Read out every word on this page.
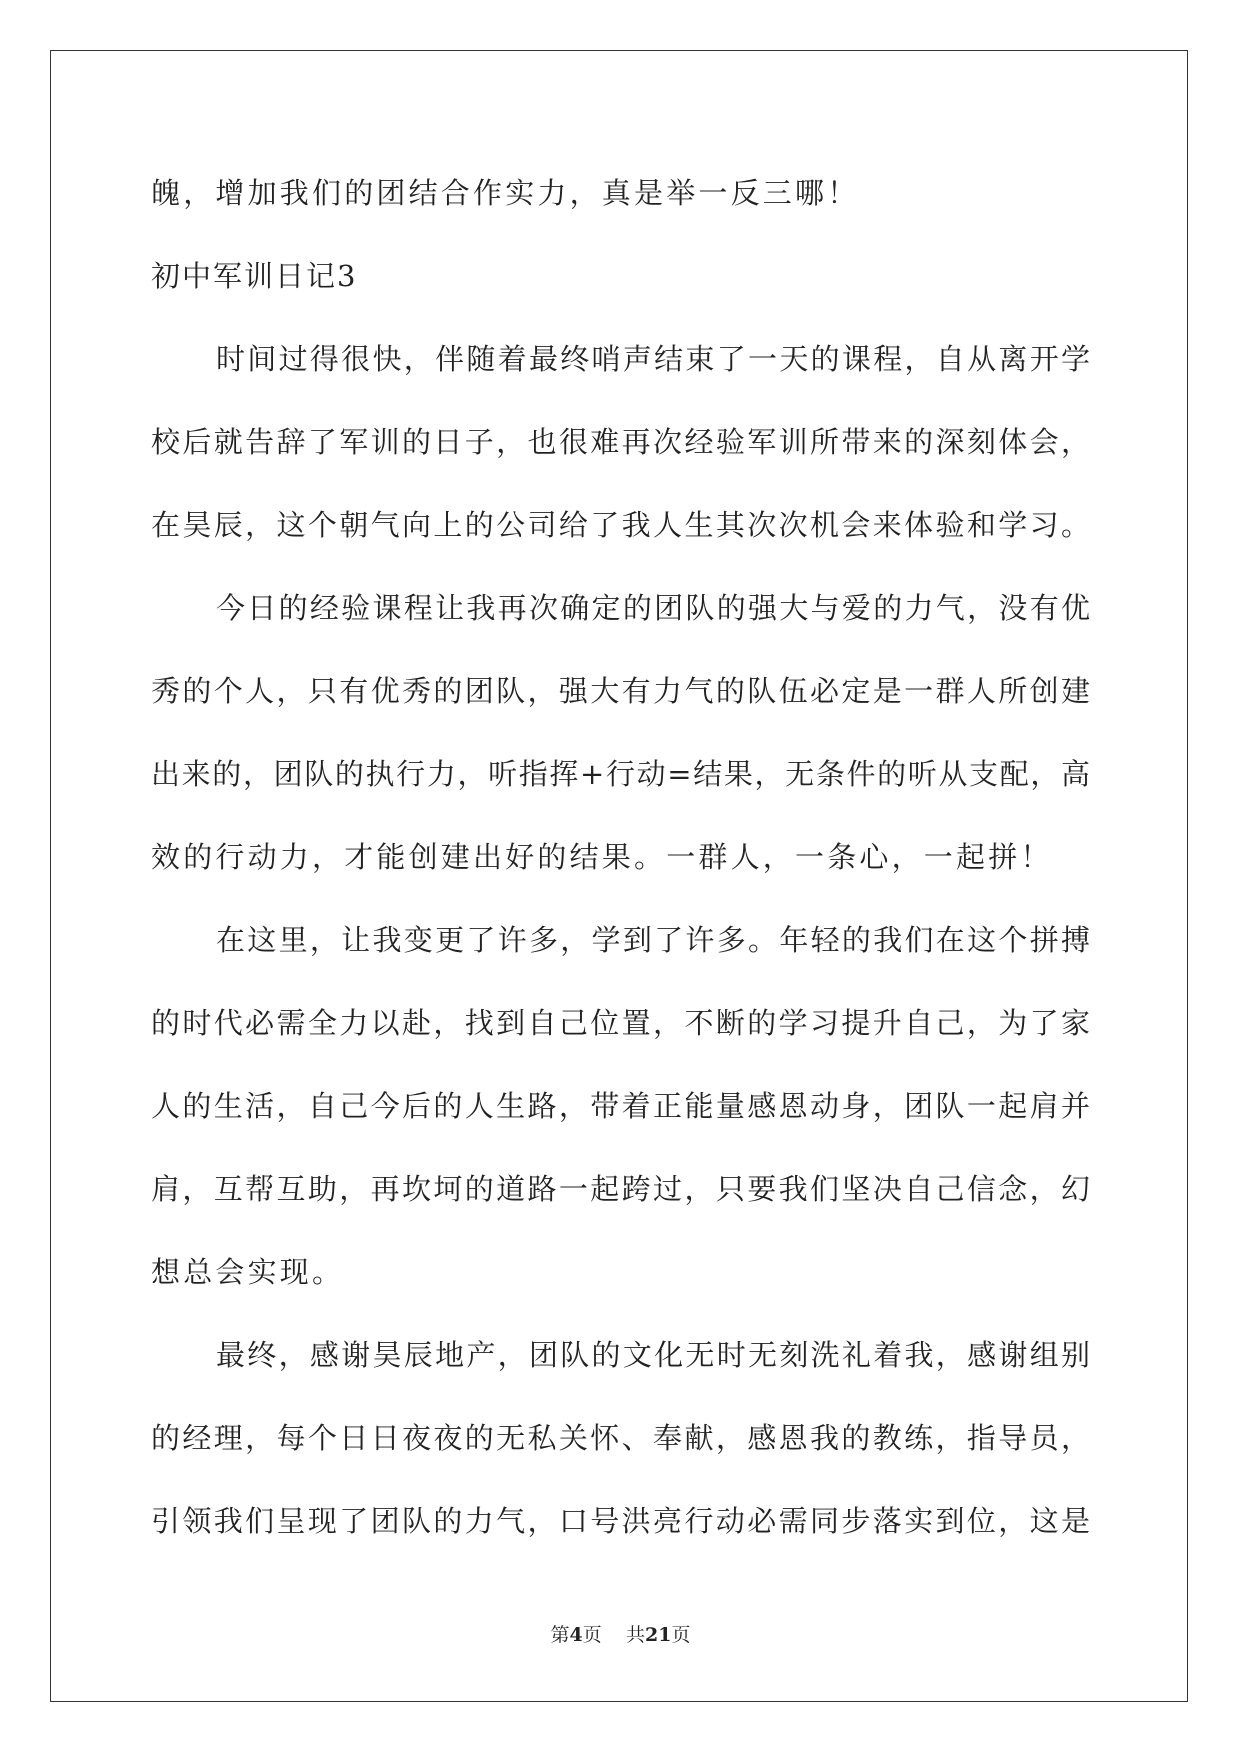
魄，增加我们的团结合作实力，真是举一反三哪！
初中军训日记3
时间过得很快，伴随着最终哨声结束了一天的课程，自从离开学
校后就告辞了军训的日子，也很难再次经验军训所带来的深刻体会，
在昊辰，这个朝气向上的公司给了我人生其次次机会来体验和学习。
今日的经验课程让我再次确定的团队的强大与爱的力气，没有优
秀的个人，只有优秀的团队，强大有力气的队伍必定是一群人所创建
出来的，团队的执行力，听指挥+行动=结果，无条件的听从支配，高
效的行动力，才能创建出好的结果。一群人，一条心，一起拼！
在这里，让我变更了许多，学到了许多。年轻的我们在这个拼搏
的时代必需全力以赴，找到自己位置，不断的学习提升自己，为了家
人的生活，自己今后的人生路，带着正能量感恩动身，团队一起肩并
肩，互帮互助，再坎坷的道路一起跨过，只要我们坚决自己信念，幻
想总会实现。
最终，感谢昊辰地产，团队的文化无时无刻洗礼着我，感谢组别
的经理，每个日日夜夜的无私关怀、奉献，感恩我的教练，指导员，
引领我们呈现了团队的力气，口号洪亮行动必需同步落实到位，这是
第4页 共21页
